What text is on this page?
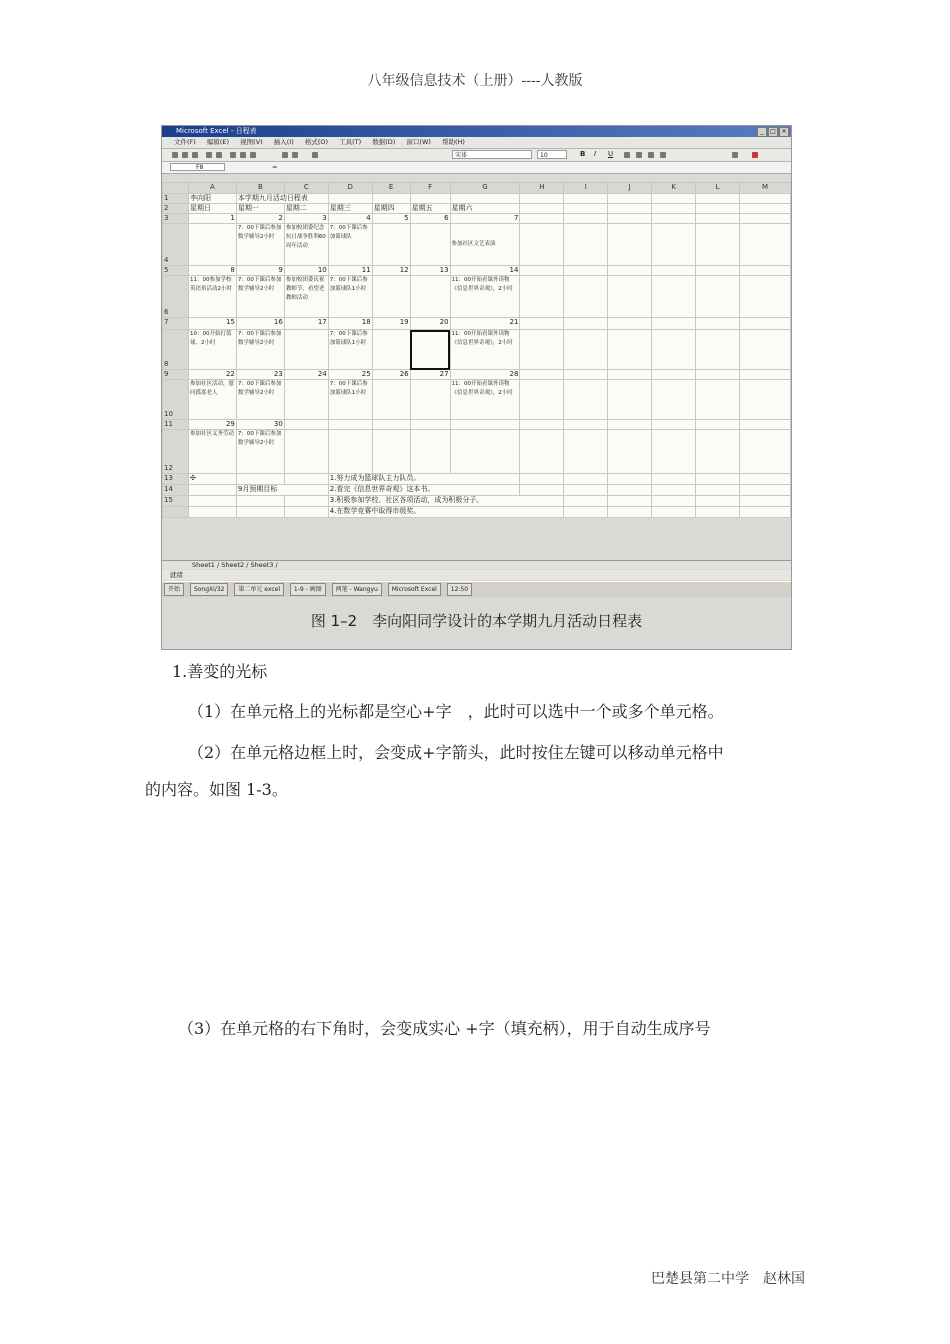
八年级信息技术（上册）----人教版
Microsoft Excel - 日程表	_	□ ×
文件(F) 编辑(E) 视图(V) 插入(I) 格式(O) 工具(T) 数据(D) 窗口(W) 帮助(H)
宋体	10	B I U
F8	=
	A	B	C	D	E	F	G	H	I	J	K	L	M
1	李向阳	本学期九月活动日程表											
2	星期日	星期一	星期二	星期三	星期四	星期五	星期六						
3	1	2	3	4	5	6	7						
4		7：00下课后参加数学辅导2小时	参加校团委纪念抗日战争胜利60周年活动	7：00下课后参加篮球队			参加社区文艺表演						
5	8	9	10	11	12	13	14						
6	11：00参加学校英语角活动2小时	7：00下课后参加数学辅导2小时	参加校团委庆祝教师节，看望老教师活动	7：00下课后参加篮球队1小时			11：00开始看课外读物《信息世界奇观》，2小时						
7	15	16	17	18	19	20	21						
8	10：00开始打篮球，2小时	7：00下课后参加数学辅导2小时		7：00下课后参加篮球队1小时			11：00开始看课外读物《信息世界奇观》，2小时						
9	22	23	24	25	26	27	28						
10	参加社区活动，慰问孤寡老人	7：00下课后参加数学辅导2小时		7：00下课后参加篮球队1小时			11：00开始看课外读物《信息世界奇观》，2小时						
11	29	30											
12	参加社区义务劳动	7：00下课后参加数学辅导2小时											
13	✣			1.努力成为篮球队主力队员。									
14		9月预期目标		2.看完《信息世界奇观》这本书。									
15				3.积极参加学校、社区各项活动，成为积极分子。									
				4.在数学竞赛中取得市级奖。									
Sheet1 / Sheet2 / Sheet3 /
就绪
开始 SongXi/32 第二单元 excel 1-9 - 画图 两笔 - Wangyu Microsoft Excel 12:50
图 1–2　李向阳同学设计的本学期九月活动日程表
1.善变的光标
（1）在单元格上的光标都是空心+字　，此时可以选中一个或多个单元格。
（2）在单元格边框上时，会变成+字箭头，此时按住左键可以移动单元格中
的内容。如图 1-3。
（3）在单元格的右下角时，会变成实心 +字（填充柄），用于自动生成序号
巴楚县第二中学　赵林国
